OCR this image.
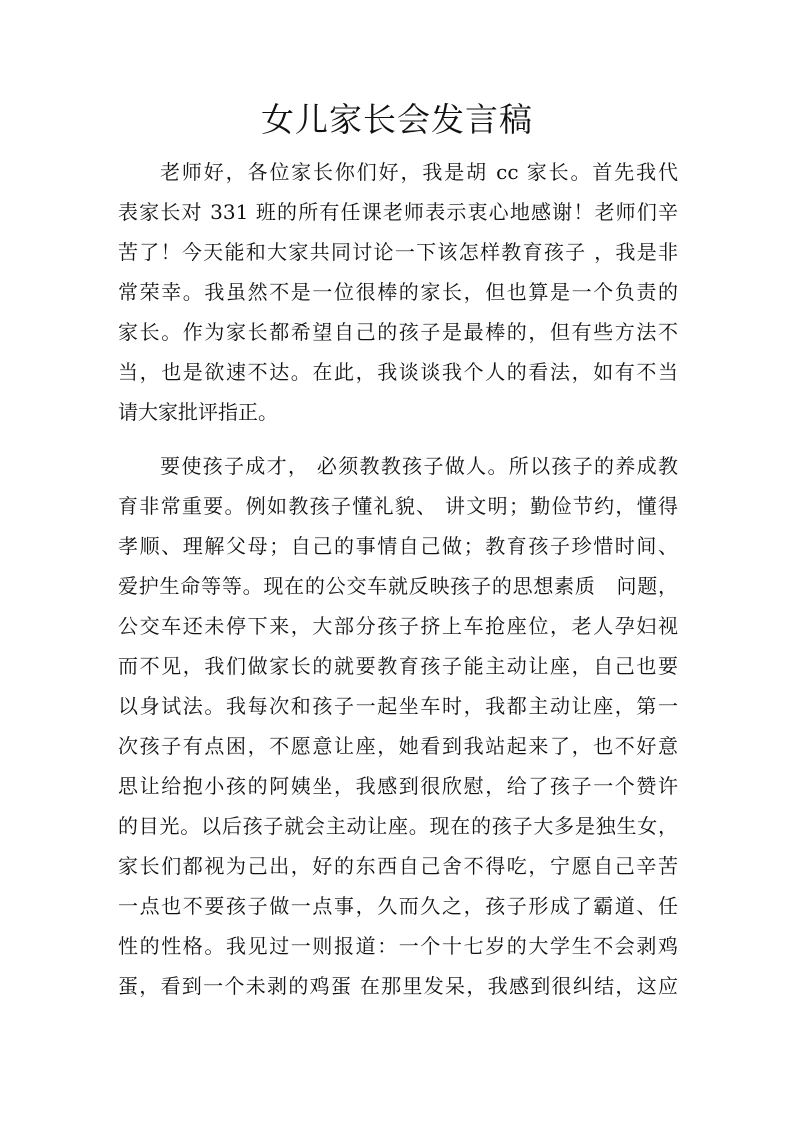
女儿家长会发言稿
老师好，各位家长你们好，我是胡 cc 家长。首先我代
表家长对 331 班的所有任课老师表示衷心地感谢！老师们辛
苦了！今天能和大家共同讨论一下该怎样教育孩子 ，我是非
常荣幸。我虽然不是一位很棒的家长，但也算是一个负责的
家长。作为家长都希望自己的孩子是最棒的，但有些方法不
当，也是欲速不达。在此，我谈谈我个人的看法，如有不当
请大家批评指正。
要使孩子成才， 必须教教孩子做人。所以孩子的养成教
育非常重要。例如教孩子懂礼貌、 讲文明；勤俭节约，懂得
孝顺、理解父母；自己的事情自己做；教育孩子珍惜时间、
爱护生命等等。现在的公交车就反映孩子的思想素质　问题，
公交车还未停下来，大部分孩子挤上车抢座位，老人孕妇视
而不见，我们做家长的就要教育孩子能主动让座，自己也要
以身试法。我每次和孩子一起坐车时，我都主动让座，第一
次孩子有点困，不愿意让座，她看到我站起来了，也不好意
思让给抱小孩的阿姨坐，我感到很欣慰，给了孩子一个赞许
的目光。以后孩子就会主动让座。现在的孩子大多是独生女，
家长们都视为己出，好的东西自己舍不得吃，宁愿自己辛苦
一点也不要孩子做一点事，久而久之，孩子形成了霸道、任
性的性格。我见过一则报道：一个十七岁的大学生不会剥鸡
蛋，看到一个未剥的鸡蛋 在那里发呆，我感到很纠结，这应
